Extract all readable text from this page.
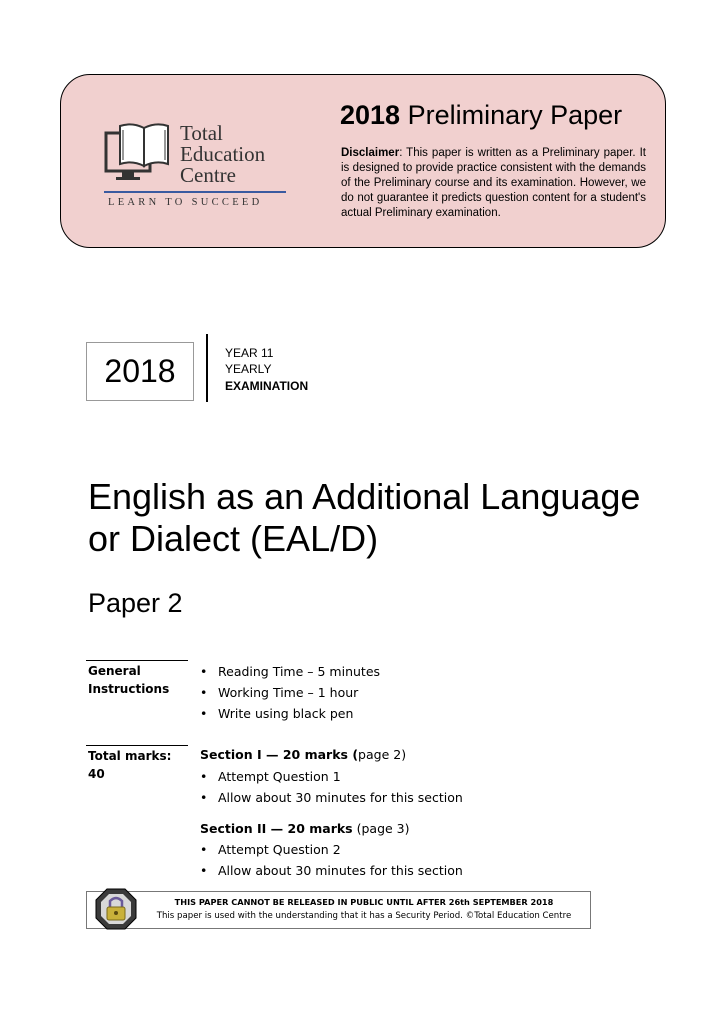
Total
Education
Centre
LEARN TO SUCCEED
2018 Preliminary Paper
Disclaimer: This paper is written as a Preliminary paper. It is designed to provide practice consistent with the demands of the Preliminary course and its examination. However, we do not guarantee it predicts question content for a student's actual Preliminary examination.
2018	YEAR 11
YEARLY
EXAMINATION
English as an Additional Language or Dialect (EAL/D)
Paper 2
General Instructions
• Reading Time – 5 minutes
• Working Time – 1 hour
• Write using black pen
Total marks:
40
Section I — 20 marks (page 2)
• Attempt Question 1
• Allow about 30 minutes for this section
Section II — 20 marks (page 3)
• Attempt Question 2
• Allow about 30 minutes for this section
THIS PAPER CANNOT BE RELEASED IN PUBLIC UNTIL AFTER 26th SEPTEMBER 2018
This paper is used with the understanding that it has a Security Period. ©Total Education Centre
